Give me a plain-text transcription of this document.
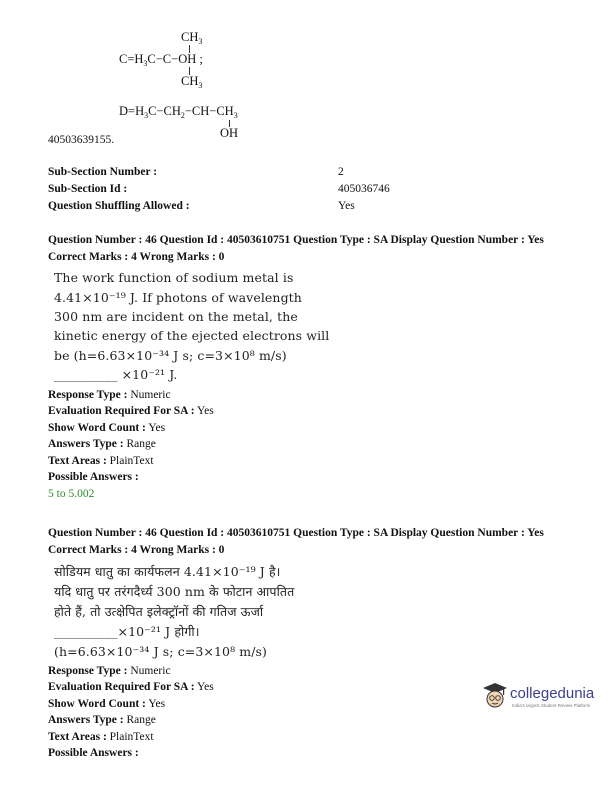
$CH_3$
$C=H_3C-C-OH$ ;
$CH_3$
$D=H_3C-CH_2-CH-CH_3$
OH
40503639155.
Sub-Section Number :	2
Sub-Section Id :	405036746
Question Shuffling Allowed :	Yes
Question Number : 46 Question Id : 40503610751 Question Type : SA Display Question Number : Yes
Correct Marks : 4 Wrong Marks : 0
The work function of sodium metal is
4.41×10⁻¹⁹ J. If photons of wavelength
300 nm are incident on the metal, the
kinetic energy of the ejected electrons will
be (h=6.63×10⁻³⁴ J s; c=3×10⁸ m/s)
__________ ×10⁻²¹ J.
Response Type : Numeric
Evaluation Required For SA : Yes
Show Word Count : Yes
Answers Type : Range
Text Areas : PlainText
Possible Answers :
5 to 5.002
Question Number : 46 Question Id : 40503610751 Question Type : SA Display Question Number : Yes
Correct Marks : 4 Wrong Marks : 0
सोडियम धातु का कार्यफलन 4.41×10⁻¹⁹ J है।
यदि धातु पर तरंगदैर्ध्य 300 nm के फोटान आपतित
होते हैं, तो उत्क्षेपित इलेक्ट्रॉनों की गतिज ऊर्जा
__________×10⁻²¹ J होगी।
(h=6.63×10⁻³⁴ J s; c=3×10⁸ m/s)
Response Type : Numeric
Evaluation Required For SA : Yes
Show Word Count : Yes
Answers Type : Range
Text Areas : PlainText
Possible Answers :
collegedunia
India's largest Student Review Platform
